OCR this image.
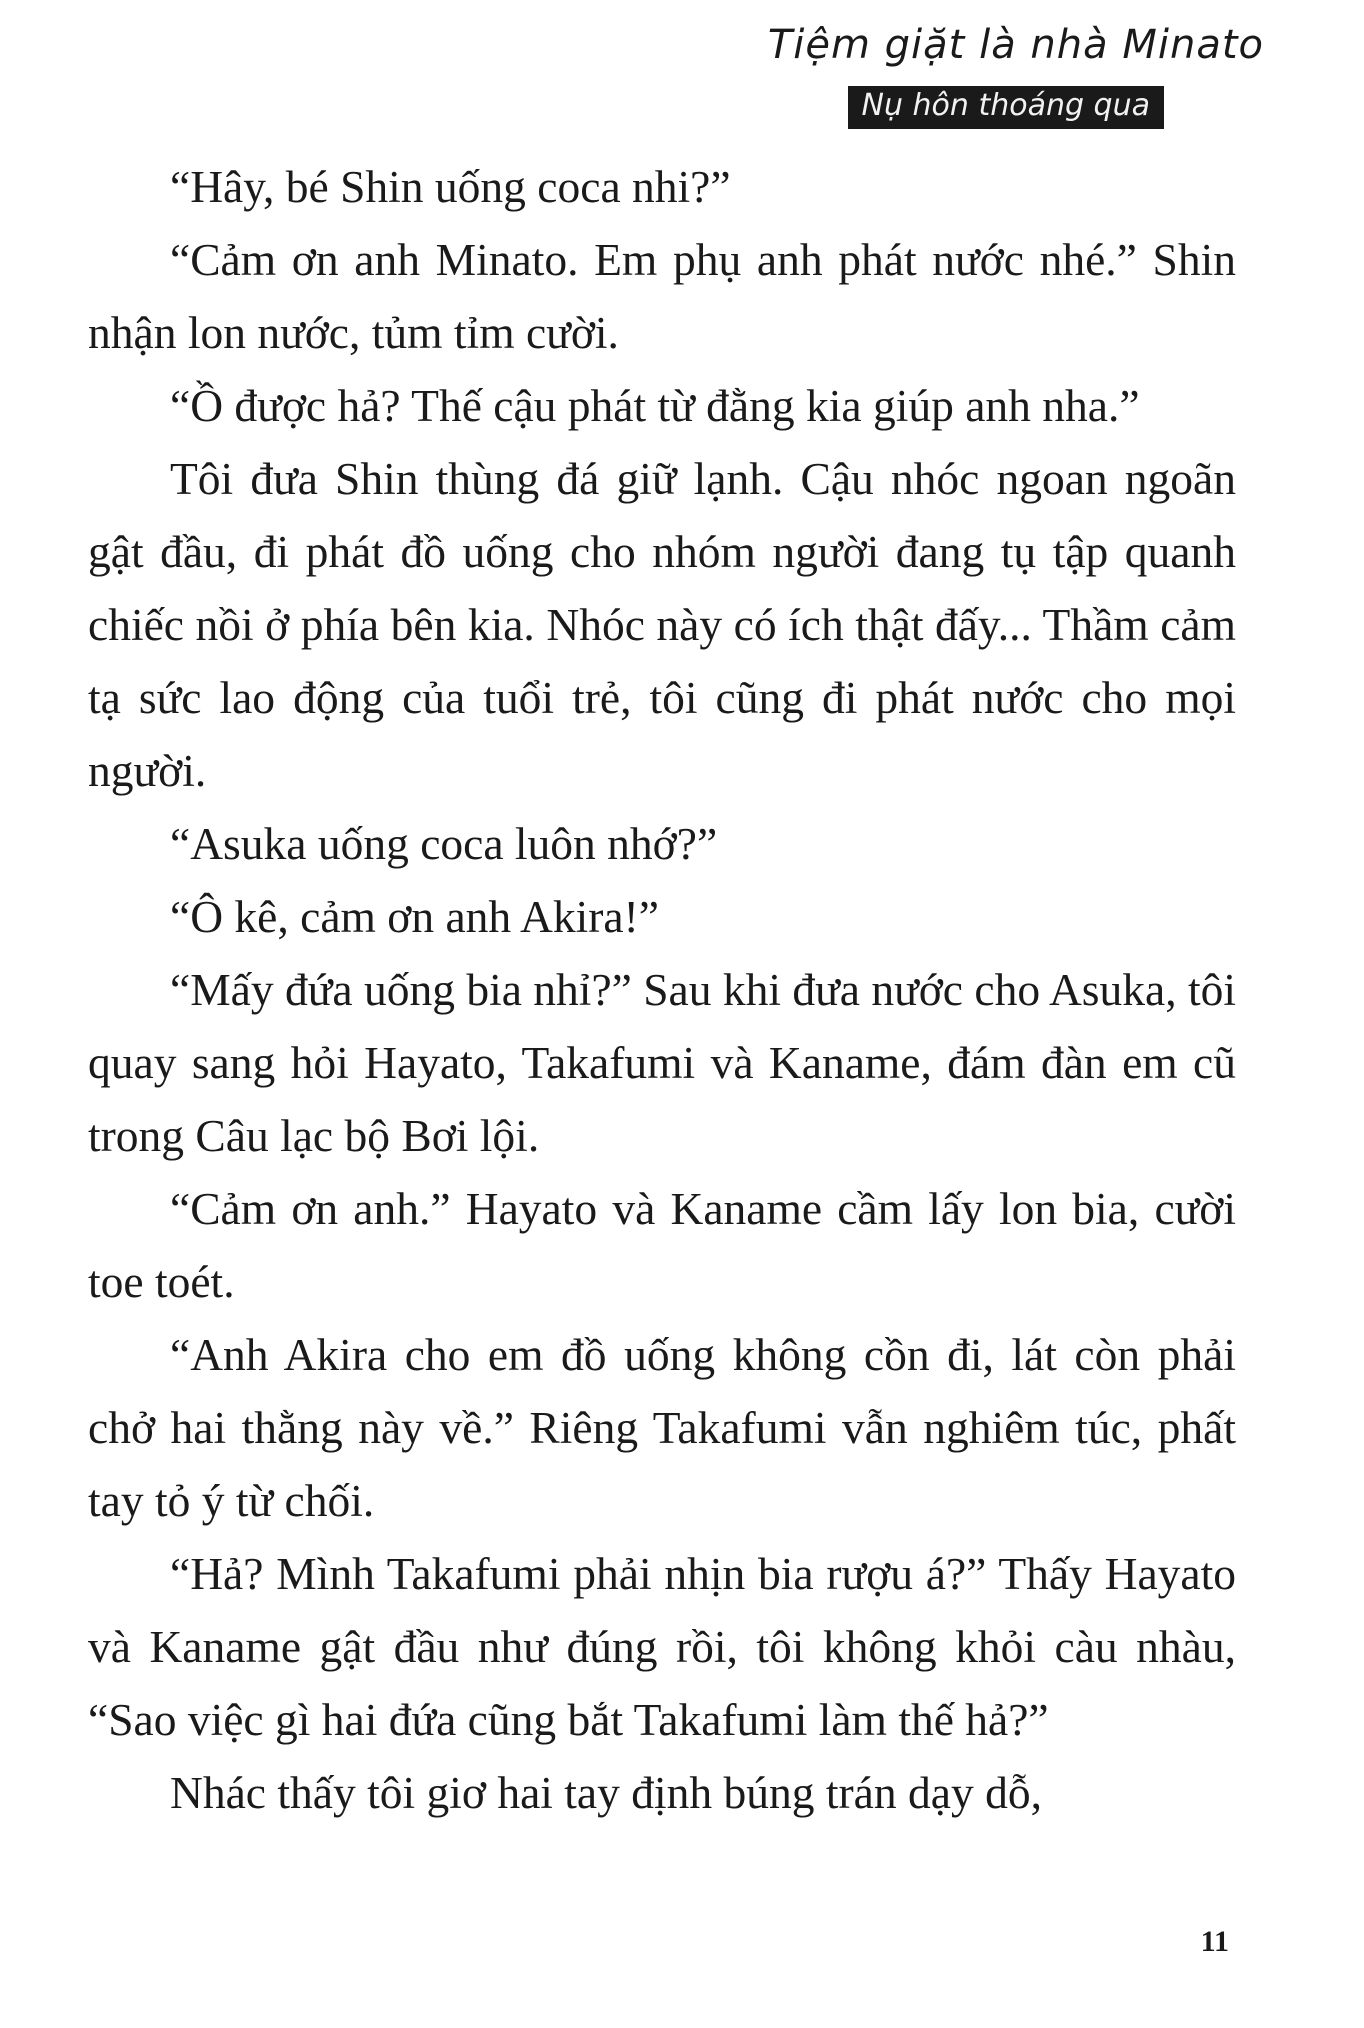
Tiệm giặt là nhà Minato
Nụ hôn thoáng qua

“Hây, bé Shin uống coca nhi?”

“Cảm ơn anh Minato. Em phụ anh phát nước nhé.” Shin nhận lon nước, tủm tỉm cười.

“Ồ được hả? Thế cậu phát từ đằng kia giúp anh nha.”

Tôi đưa Shin thùng đá giữ lạnh. Cậu nhóc ngoan ngoãn gật đầu, đi phát đồ uống cho nhóm người đang tụ tập quanh chiếc nồi ở phía bên kia. Nhóc này có ích thật đấy... Thầm cảm tạ sức lao động của tuổi trẻ, tôi cũng đi phát nước cho mọi người.

“Asuka uống coca luôn nhớ?”

“Ô kê, cảm ơn anh Akira!”

“Mấy đứa uống bia nhỉ?” Sau khi đưa nước cho Asuka, tôi quay sang hỏi Hayato, Takafumi và Kaname, đám đàn em cũ trong Câu lạc bộ Bơi lội.

“Cảm ơn anh.” Hayato và Kaname cầm lấy lon bia, cười toe toét.

“Anh Akira cho em đồ uống không cồn đi, lát còn phải chở hai thằng này về.” Riêng Takafumi vẫn nghiêm túc, phất tay tỏ ý từ chối.

“Hả? Mình Takafumi phải nhịn bia rượu á?” Thấy Hayato và Kaname gật đầu như đúng rồi, tôi không khỏi càu nhàu, “Sao việc gì hai đứa cũng bắt Takafumi làm thế hả?”

Nhác thấy tôi giơ hai tay định búng trán dạy dỗ,

11
